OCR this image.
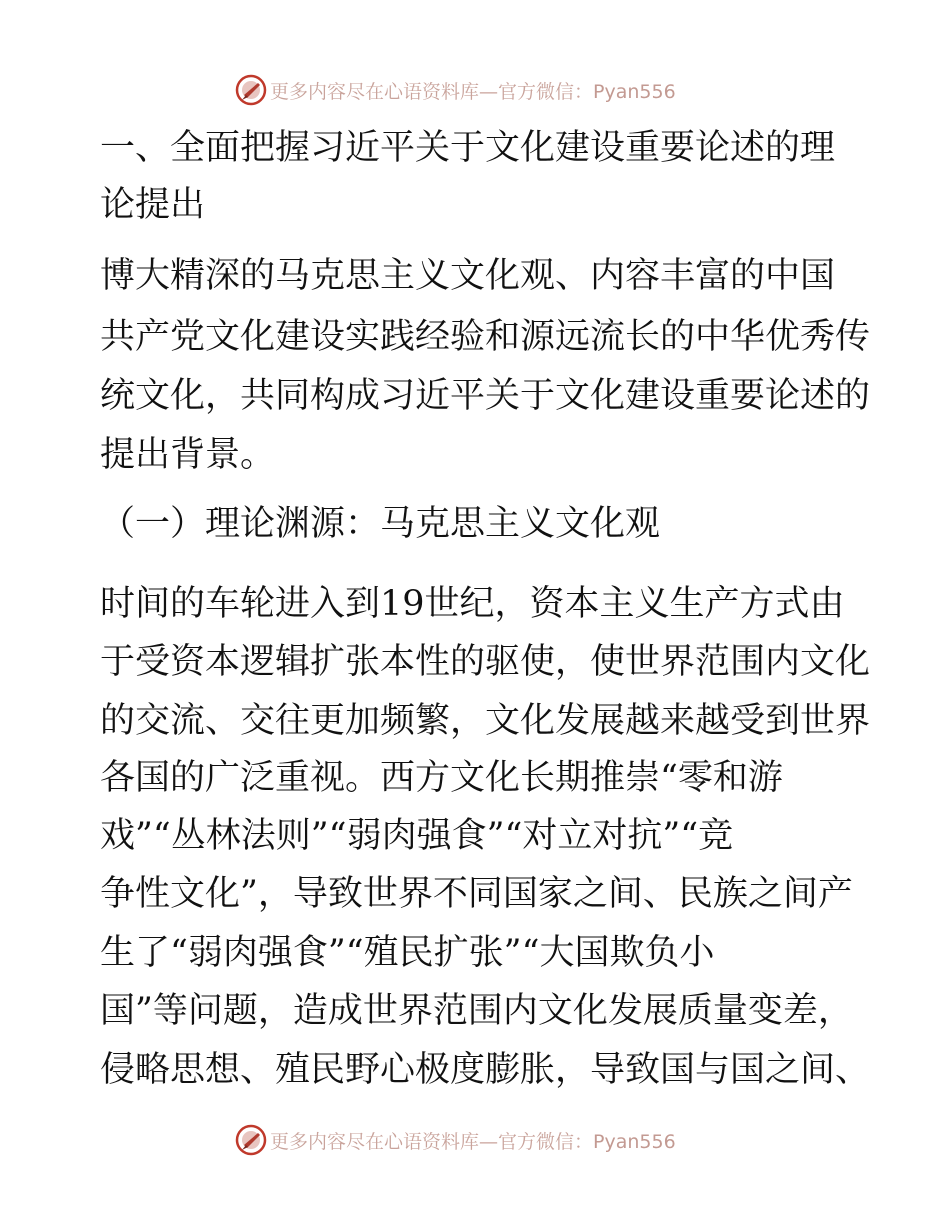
更多内容尽在心语资料库—官方微信：Pyan556
一、全面把握习近平关于文化建设重要论述的理
论提出
博大精深的马克思主义文化观、内容丰富的中国
共产党文化建设实践经验和源远流长的中华优秀传
统文化，共同构成习近平关于文化建设重要论述的
提出背景。
（一）理论渊源：马克思主义文化观
时间的车轮进入到19世纪，资本主义生产方式由
于受资本逻辑扩张本性的驱使，使世界范围内文化
的交流、交往更加频繁，文化发展越来越受到世界
各国的广泛重视。西方文化长期推崇“零和游
戏”“丛林法则”“弱肉强食”“对立对抗”“竞
争性文化”，导致世界不同国家之间、民族之间产
生了“弱肉强食”“殖民扩张”“大国欺负小
国”等问题，造成世界范围内文化发展质量变差，
侵略思想、殖民野心极度膨胀，导致国与国之间、
更多内容尽在心语资料库—官方微信：Pyan556
